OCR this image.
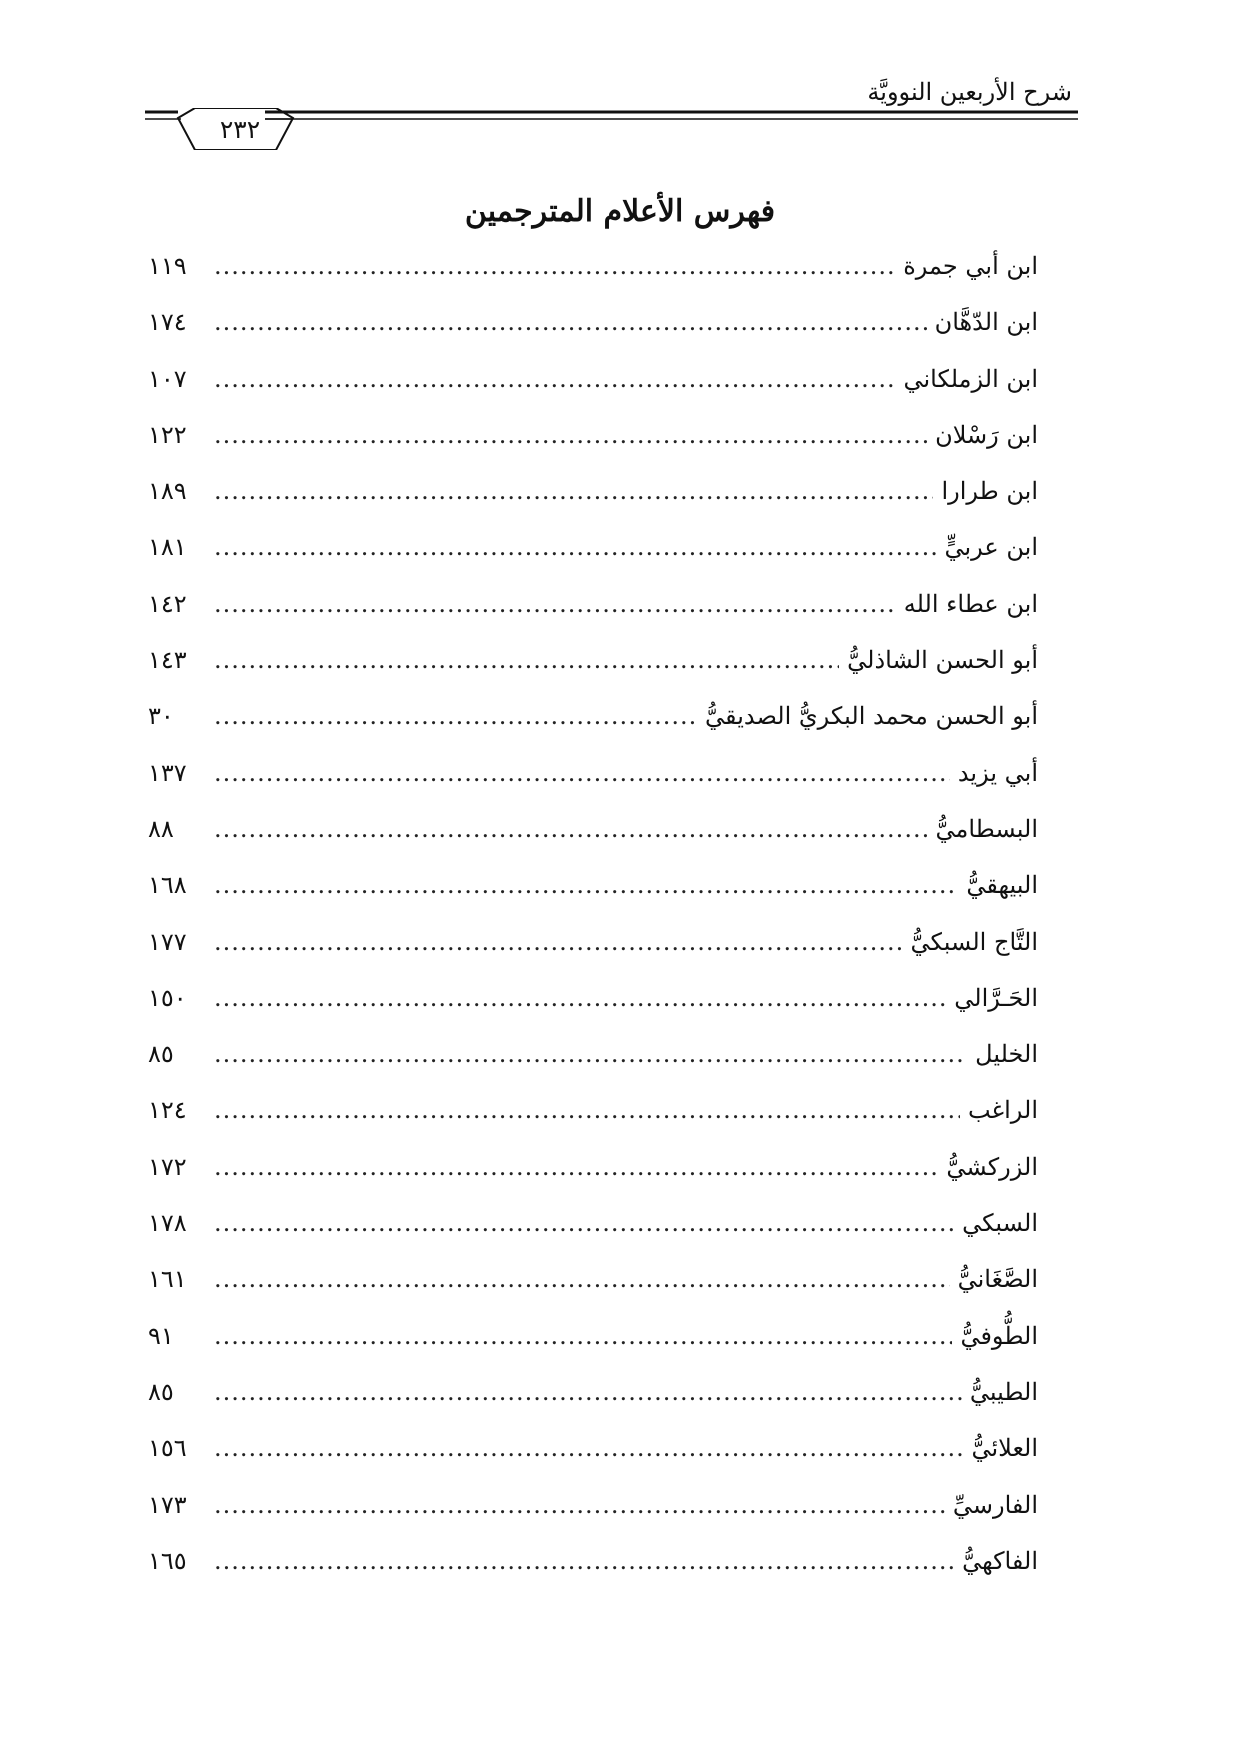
شرح الأربعين النوويَّة
٢٣٢
فهرس الأعلام المترجمين
ابن أبي جمرة
.....
١١٩
ابن الدّهَّان
.....
١٧٤
ابن الزملكاني
.....
١٠٧
ابن رَسْلان
.....
١٢٢
ابن طرارا
.....
١٨٩
ابن عربيٍّ
.....
١٨١
ابن عطاء الله
.....
١٤٢
أبو الحسن الشاذليُّ
.....
١٤٣
أبو الحسن محمد البكريُّ الصديقيُّ
.....
٣٠
أبي يزيد
.....
١٣٧
البسطاميُّ
.....
٨٨
البيهقيُّ
.....
١٦٨
التَّاج السبكيُّ
.....
١٧٧
الحَـرَّالي
.....
١٥٠
الخليل
.....
٨٥
الراغب
.....
١٢٤
الزركشيُّ
.....
١٧٢
السبكي
.....
١٧٨
الصَّغَانيُّ
.....
١٦١
الطُّوفيُّ
.....
٩١
الطيبيُّ
.....
٨٥
العلائيُّ
.....
١٥٦
الفارسيِّ
.....
١٧٣
الفاكهيُّ
.....
١٦٥
